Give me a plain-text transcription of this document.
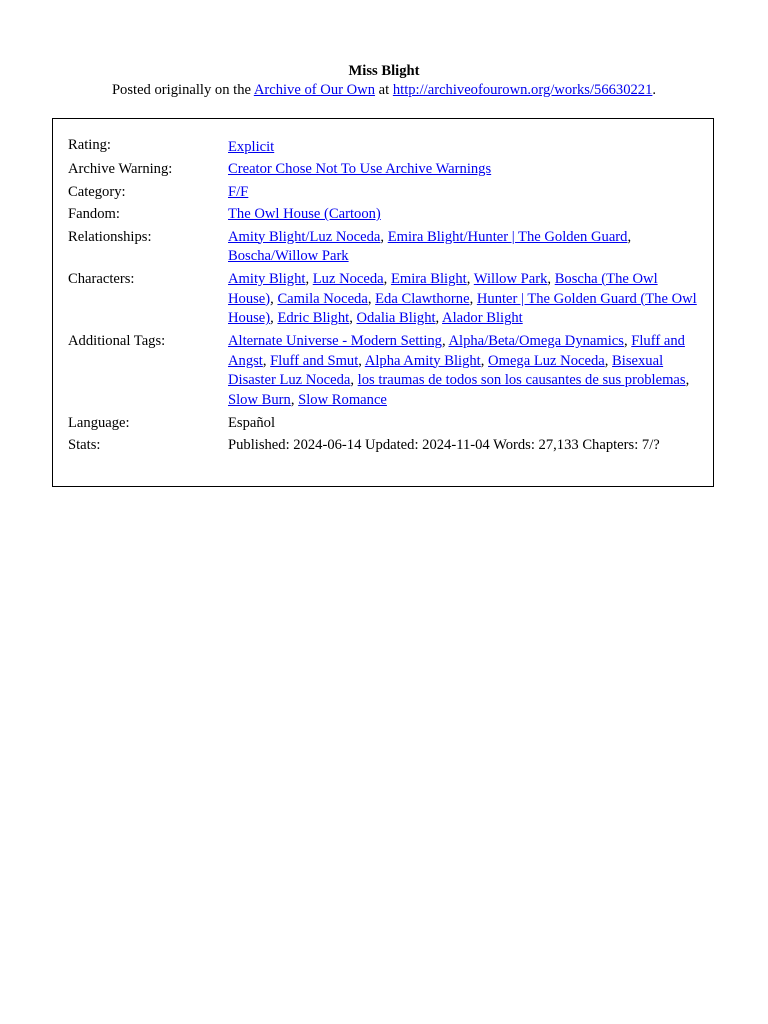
Miss Blight
Posted originally on the Archive of Our Own at http://archiveofourown.org/works/56630221.
Rating:	Explicit
Archive Warning:	Creator Chose Not To Use Archive Warnings
Category:	F/F
Fandom:	The Owl House (Cartoon)
Relationships:	Amity Blight/Luz Noceda, Emira Blight/Hunter | The Golden Guard, Boscha/Willow Park
Characters:	Amity Blight, Luz Noceda, Emira Blight, Willow Park, Boscha (The Owl House), Camila Noceda, Eda Clawthorne, Hunter | The Golden Guard (The Owl House), Edric Blight, Odalia Blight, Alador Blight
Additional Tags:	Alternate Universe - Modern Setting, Alpha/Beta/Omega Dynamics, Fluff and Angst, Fluff and Smut, Alpha Amity Blight, Omega Luz Noceda, Bisexual Disaster Luz Noceda, los traumas de todos son los causantes de sus problemas, Slow Burn, Slow Romance
Language:	Español
Stats:	Published: 2024-06-14 Updated: 2024-11-04 Words: 27,133 Chapters: 7/?
